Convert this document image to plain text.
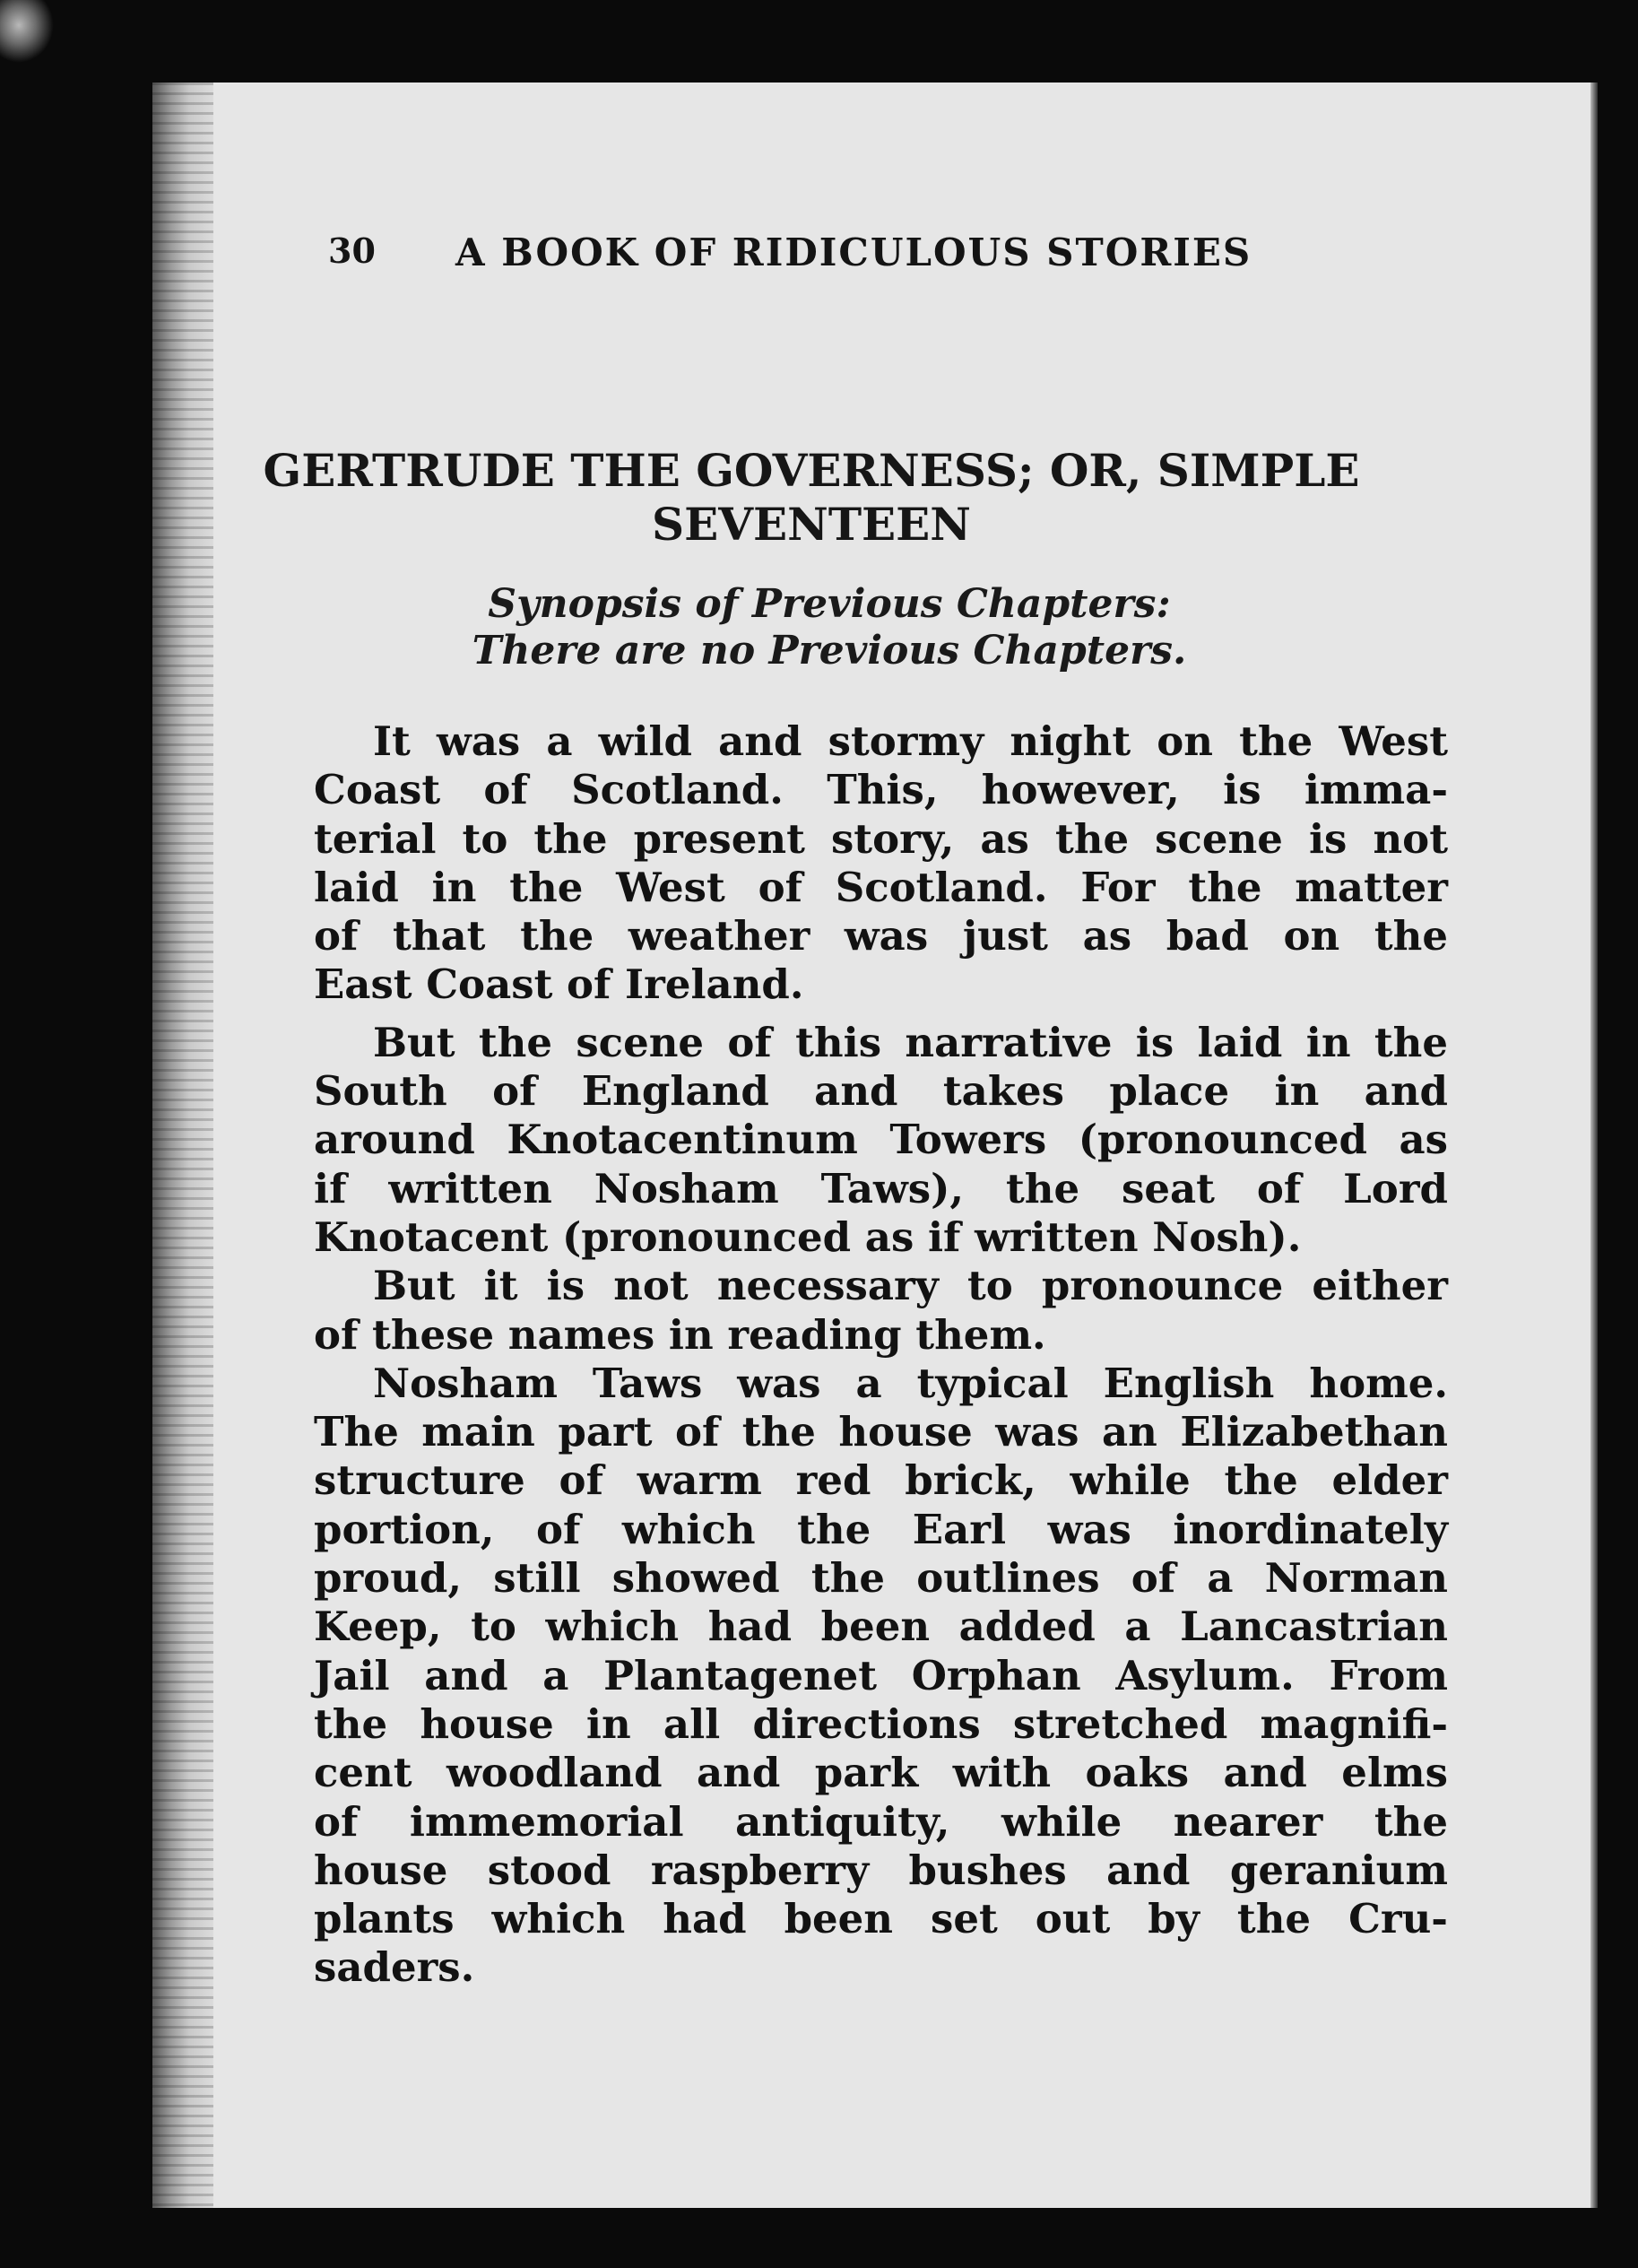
30 A BOOK OF RIDICULOUS STORIES
GERTRUDE THE GOVERNESS; OR, SIMPLE
SEVENTEEN
Synopsis of Previous Chapters:
There are no Previous Chapters.
It was a wild and stormy night on the West
Coast of Scotland. This, however, is imma-
terial to the present story, as the scene is not
laid in the West of Scotland. For the matter
of that the weather was just as bad on the
East Coast of Ireland.
But the scene of this narrative is laid in the
South of England and takes place in and
around Knotacentinum Towers (pronounced as
if written Nosham Taws), the seat of Lord
Knotacent (pronounced as if written Nosh).
But it is not necessary to pronounce either
of these names in reading them.
Nosham Taws was a typical English home.
The main part of the house was an Elizabethan
structure of warm red brick, while the elder
portion, of which the Earl was inordinately
proud, still showed the outlines of a Norman
Keep, to which had been added a Lancastrian
Jail and a Plantagenet Orphan Asylum. From
the house in all directions stretched magnifi-
cent woodland and park with oaks and elms
of immemorial antiquity, while nearer the
house stood raspberry bushes and geranium
plants which had been set out by the Cru-
saders.
